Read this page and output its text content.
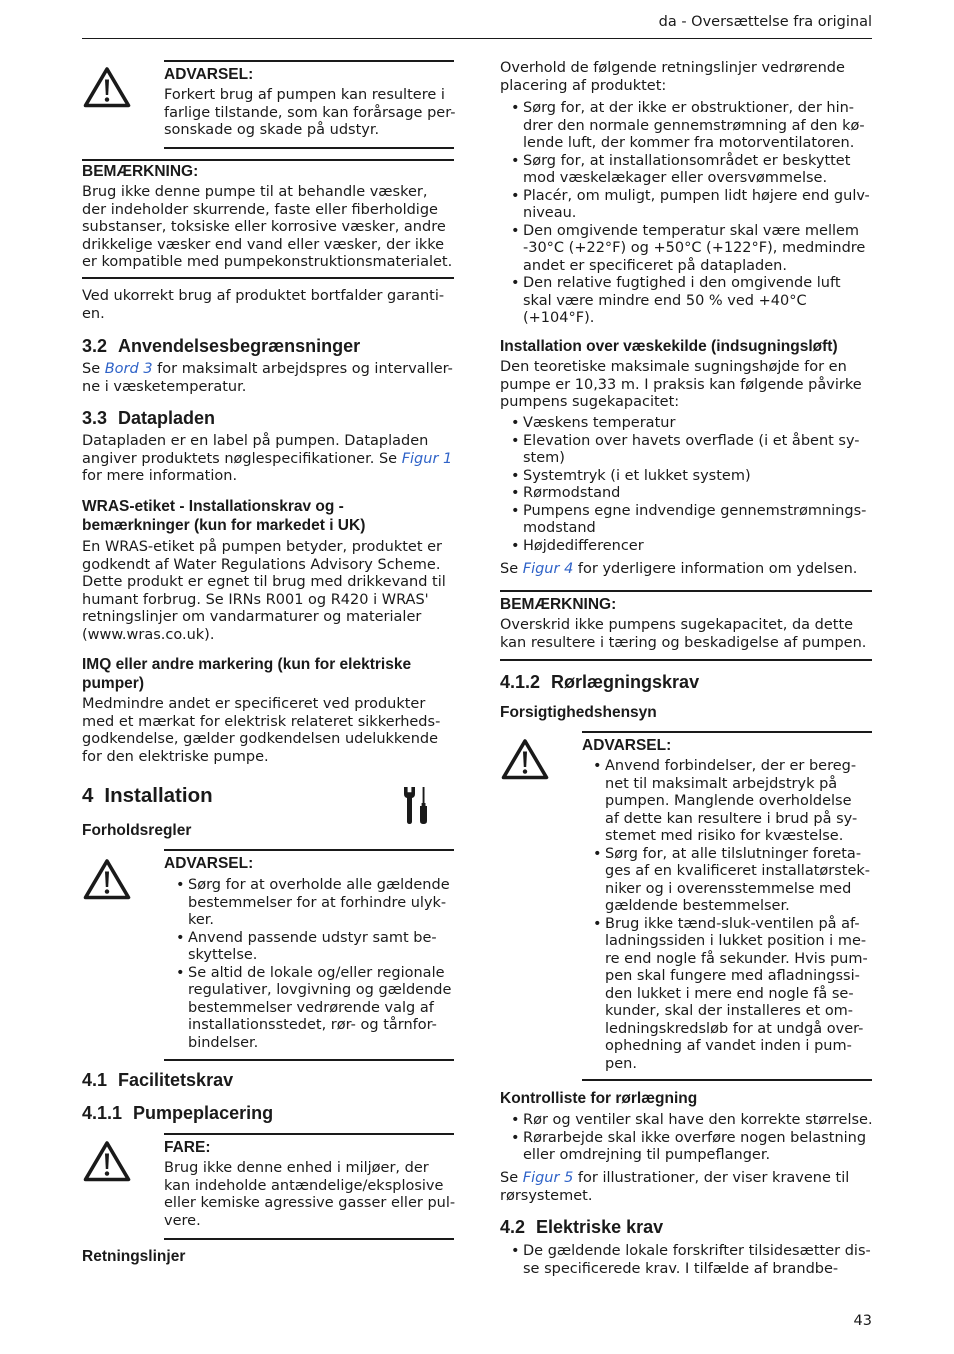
da - Oversættelse fra original
ADVARSEL:
Forkert brug af pumpen kan resultere i
farlige tilstande, som kan forårsage per-
sonskade og skade på udstyr.
BEMÆRKNING:
Brug ikke denne pumpe til at behandle væsker,
der indeholder skurrende, faste eller fiberholdige
substanser, toksiske eller korrosive væsker, andre
drikkelige væsker end vand eller væsker, der ikke
er kompatible med pumpekonstruktionsmaterialet.
Ved ukorrekt brug af produktet bortfalder garanti-
en.
3.2 Anvendelsesbegrænsninger
Se Bord 3 for maksimalt arbejdspres og intervaller-
ne i væsketemperatur.
3.3 Datapladen
Datapladen er en label på pumpen. Datapladen
angiver produktets nøglespecifikationer. Se Figur 1
for mere information.
WRAS-etiket - Installationskrav og -
bemærkninger (kun for markedet i UK)
En WRAS-etiket på pumpen betyder, produktet er
godkendt af Water Regulations Advisory Scheme.
Dette produkt er egnet til brug med drikkevand til
humant forbrug. Se IRNs R001 og R420 i WRAS'
retningslinjer om vandarmaturer og materialer
(www.wras.co.uk).
IMQ eller andre markering (kun for elektriske
pumper)
Medmindre andet er specificeret ved produkter
med et mærkat for elektrisk relateret sikkerheds-
godkendelse, gælder godkendelsen udelukkende
for den elektriske pumpe.
4 Installation
Forholdsregler
ADVARSEL:
• Sørg for at overholde alle gældende
bestemmelser for at forhindre ulyk-
ker.
• Anvend passende udstyr samt be-
skyttelse.
• Se altid de lokale og/eller regionale
regulativer, lovgivning og gældende
bestemmelser vedrørende valg af
installationsstedet, rør- og tårnfor-
bindelser.
4.1 Facilitetskrav
4.1.1 Pumpeplacering
FARE:
Brug ikke denne enhed i miljøer, der
kan indeholde antændelige/eksplosive
eller kemiske agressive gasser eller pul-
vere.
Retningslinjer
Overhold de følgende retningslinjer vedrørende
placering af produktet:
• Sørg for, at der ikke er obstruktioner, der hin-
drer den normale gennemstrømning af den kø-
lende luft, der kommer fra motorventilatoren.
• Sørg for, at installationsområdet er beskyttet
mod væskelækager eller oversvømmelse.
• Placér, om muligt, pumpen lidt højere end gulv-
niveau.
• Den omgivende temperatur skal være mellem
-30°C (+22°F) og +50°C (+122°F), medmindre
andet er specificeret på datapladen.
• Den relative fugtighed i den omgivende luft
skal være mindre end 50 % ved +40°C
(+104°F).
Installation over væskekilde (indsugningsløft)
Den teoretiske maksimale sugningshøjde for en
pumpe er 10,33 m. I praksis kan følgende påvirke
pumpens sugekapacitet:
• Væskens temperatur
• Elevation over havets overflade (i et åbent sy-
stem)
• Systemtryk (i et lukket system)
• Rørmodstand
• Pumpens egne indvendige gennemstrømnings-
modstand
• Højdedifferencer
Se Figur 4 for yderligere information om ydelsen.
BEMÆRKNING:
Overskrid ikke pumpens sugekapacitet, da dette
kan resultere i tæring og beskadigelse af pumpen.
4.1.2 Rørlægningskrav
Forsigtighedshensyn
ADVARSEL:
• Anvend forbindelser, der er bereg-
net til maksimalt arbejdstryk på
pumpen. Manglende overholdelse
af dette kan resultere i brud på sy-
stemet med risiko for kvæstelse.
• Sørg for, at alle tilslutninger foreta-
ges af en kvalificeret installatørstek-
niker og i overensstemmelse med
gældende bestemmelser.
• Brug ikke tænd-sluk-ventilen på af-
ladningssiden i lukket position i me-
re end nogle få sekunder. Hvis pum-
pen skal fungere med afladningssi-
den lukket i mere end nogle få se-
kunder, skal der installeres et om-
ledningskredsløb for at undgå over-
ophedning af vandet inden i pum-
pen.
Kontrolliste for rørlægning
• Rør og ventiler skal have den korrekte størrelse.
• Rørarbejde skal ikke overføre nogen belastning
eller omdrejning til pumpeflanger.
Se Figur 5 for illustrationer, der viser kravene til
rørsystemet.
4.2 Elektriske krav
• De gældende lokale forskrifter tilsidesætter dis-
se specificerede krav. I tilfælde af brandbe-
43
